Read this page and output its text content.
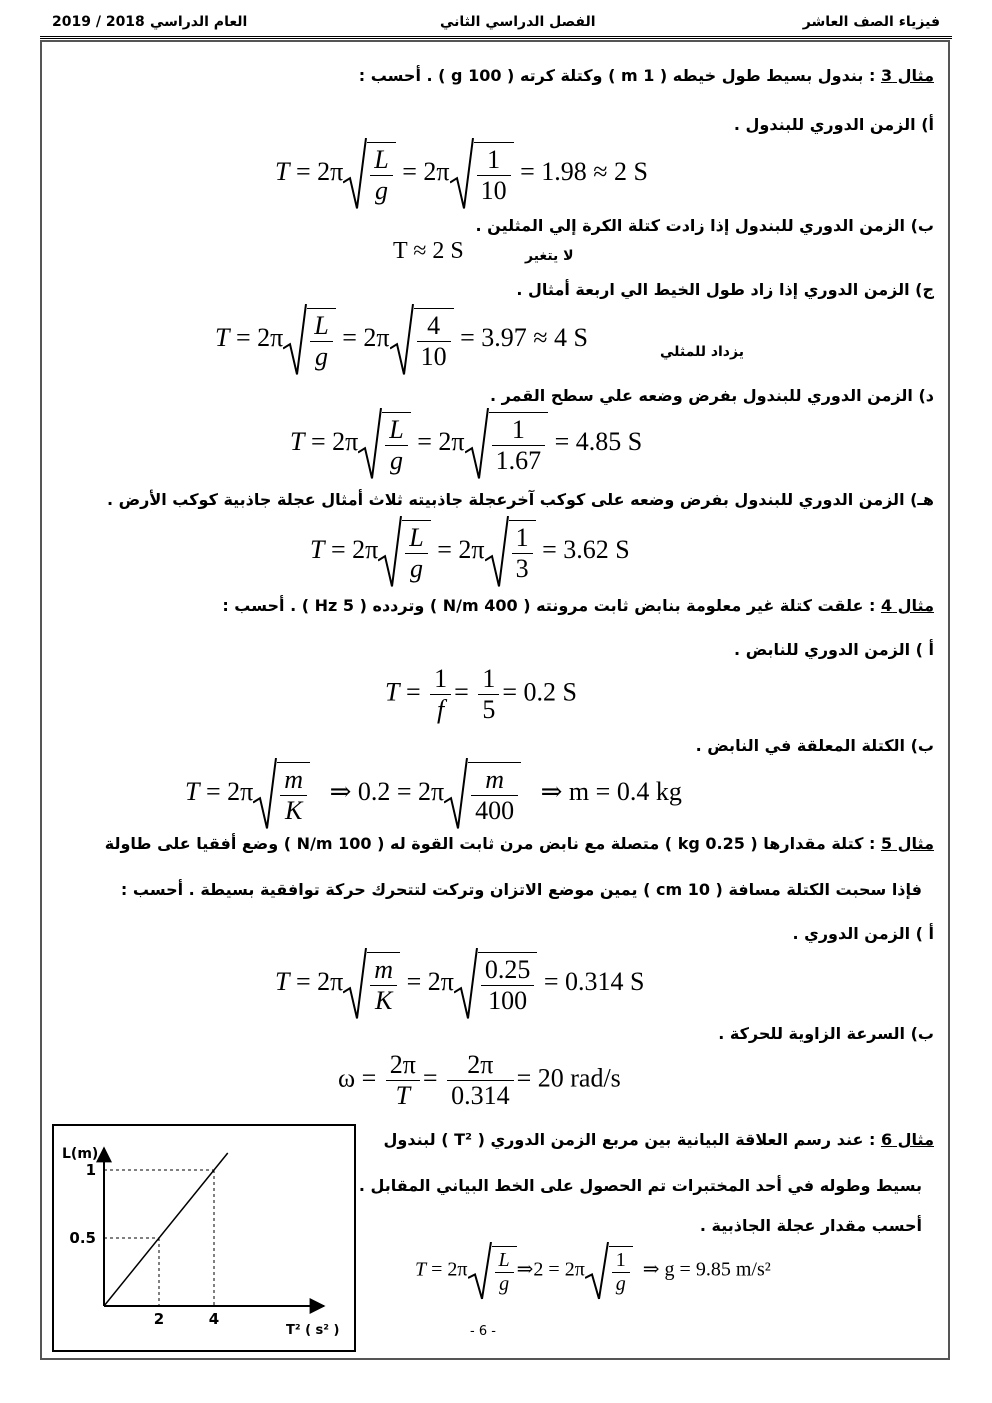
فيزياء الصف العاشر
الفصل الدراسي الثاني
العام الدراسي
2019 / 2018
مثال 3 : بندول بسيط طول خيطه ( 1 m ) وكتلة كرته ( 100 g ) . أحسب :
أ) الزمن الدوري للبندول .
$T = 2\pi \frac{L}{g} = 2\pi \frac{1}{10} = 1.98 \approx 2$ S
ب) الزمن الدوري للبندول إذا زادت كتلة الكرة إلي المثلين .
T ≈ 2 S	لا يتغير
ج) الزمن الدوري إذا زاد طول الخيط الي اربعة أمثال .
$T = 2\pi \frac{L}{g} = 2\pi \frac{4}{10} = 3.97 \approx 4$ S
يزداد للمثلي
د) الزمن الدوري للبندول بفرض وضعه علي سطح القمر .
$T = 2\pi \frac{L}{g} = 2\pi \frac{1}{1.67} = 4.85$ S
هـ) الزمن الدوري للبندول بفرض وضعه على كوكب آخرعجلة جاذبيته ثلاث أمثال عجلة جاذبية كوكب الأرض .
$T = 2\pi \frac{L}{g} = 2\pi \frac{1}{3} = 3.62$ S
مثال 4 : علقت كتلة غير معلومة بنابض ثابت مرونته ( 400 N/m ) وتردده ( 5 Hz ) . أحسب :
أ ) الزمن الدوري للنابض .
$T = \frac{1}{f} = \frac{1}{5} = 0.2$ S
ب) الكتلة المعلقة في النابض .
$T = 2\pi \frac{m}{K}$ ⇒ $0.2 = 2\pi \frac{m}{400}$ ⇒ m = 0.4 kg
مثال 5 : كتلة مقدارها ( 0.25 kg ) متصلة مع نابض مرن ثابت القوة له ( 100 N/m ) وضع أفقيا على طاولة
فإذا سحبت الكتلة مسافة ( 10 cm ) يمين موضع الاتزان وتركت لتتحرك حركة توافقية بسيطة . أحسب :
أ ) الزمن الدوري .
$T = 2\pi \frac{m}{K} = 2\pi \frac{0.25}{100} = 0.314$ S
ب) السرعة الزاوية للحركة .
$\omega = \frac{2\pi}{T} = \frac{2\pi}{0.314} = 20$ rad/s
مثال 6 : عند رسم العلاقة البيانية بين مربع الزمن الدوري ( T² ) لبندول
بسيط وطوله في أحد المختبرات تم الحصول على الخط البياني المقابل .
أحسب مقدار عجلة الجاذبية .
$T = 2\pi \frac{L}{g}$ ⇒2 = $2\pi \frac{1}{g}$ ⇒ g = 9.85 m/s²
2	4
0.5
1
L(m)
T² ( s² )	- 6 -
